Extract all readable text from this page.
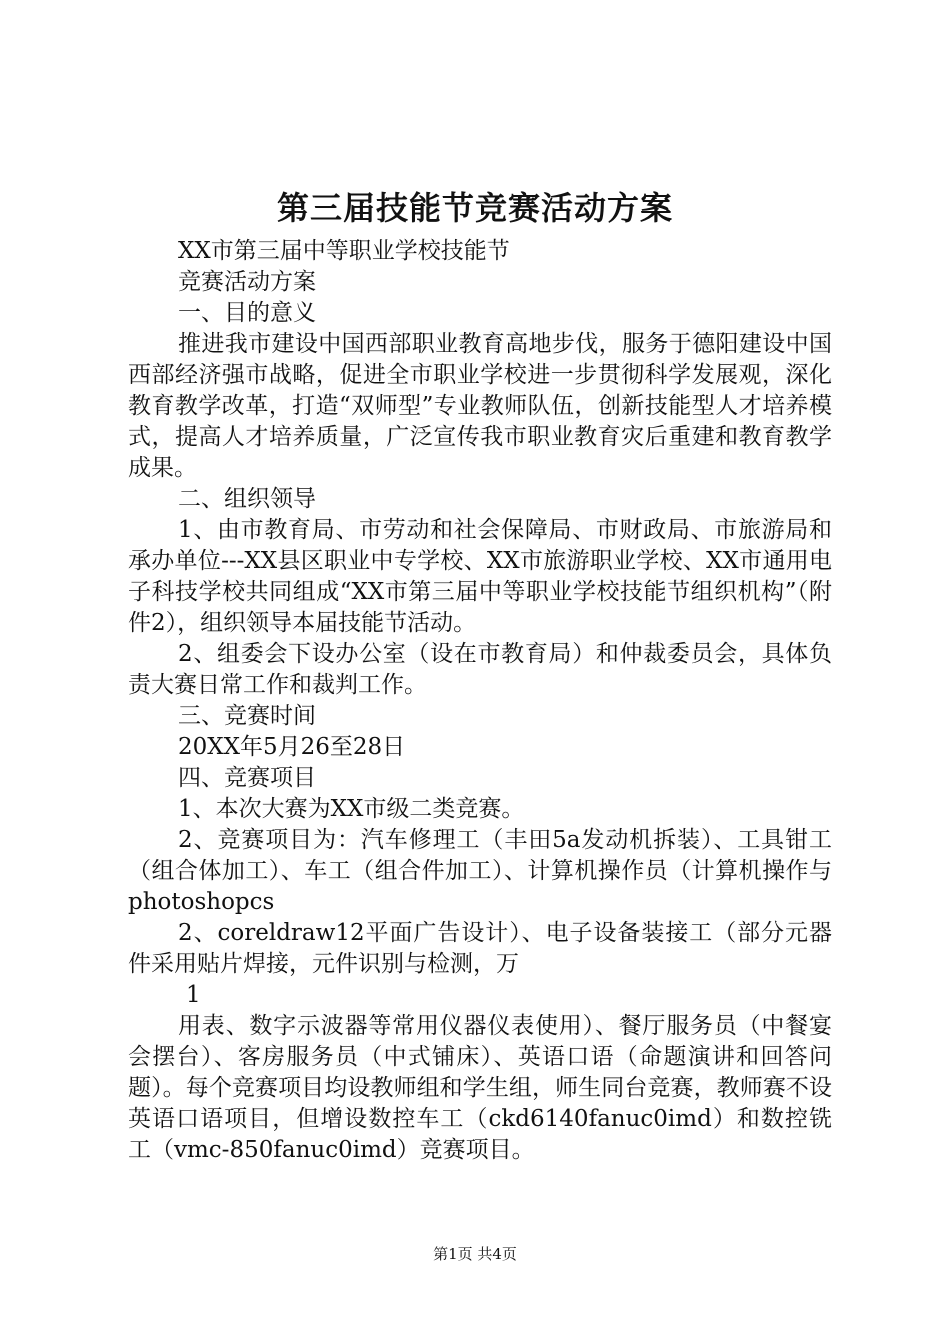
第三届技能节竞赛活动方案

XX市第三届中等职业学校技能节

竞赛活动方案

一、目的意义

推进我市建设中国西部职业教育高地步伐，服务于德阳建设中国西部经济强市战略，促进全市职业学校进一步贯彻科学发展观，深化教育教学改革，打造“双师型”专业教师队伍，创新技能型人才培养模式，提高人才培养质量，广泛宣传我市职业教育灾后重建和教育教学成果。

二、组织领导

1、由市教育局、市劳动和社会保障局、市财政局、市旅游局和承办单位---XX县区职业中专学校、XX市旅游职业学校、XX市通用电子科技学校共同组成“XX市第三届中等职业学校技能节组织机构”（附件2），组织领导本届技能节活动。

2、组委会下设办公室（设在市教育局）和仲裁委员会，具体负责大赛日常工作和裁判工作。

三、竞赛时间

20XX年5月26至28日

四、竞赛项目

1、本次大赛为XX市级二类竞赛。

2、竞赛项目为：汽车修理工（丰田5a发动机拆装）、工具钳工（组合体加工）、车工（组合件加工）、计算机操作员（计算机操作与photoshopcs

2、coreldraw12平面广告设计）、电子设备装接工（部分元器件采用贴片焊接，元件识别与检测，万

1

用表、数字示波器等常用仪器仪表使用）、餐厅服务员（中餐宴会摆台）、客房服务员（中式铺床）、英语口语（命题演讲和回答问题）。每个竞赛项目均设教师组和学生组，师生同台竞赛，教师赛不设英语口语项目，但增设数控车工（ckd6140fanuc0imd）和数控铣工（vmc-850fanuc0imd）竞赛项目。

第1页 共4页
